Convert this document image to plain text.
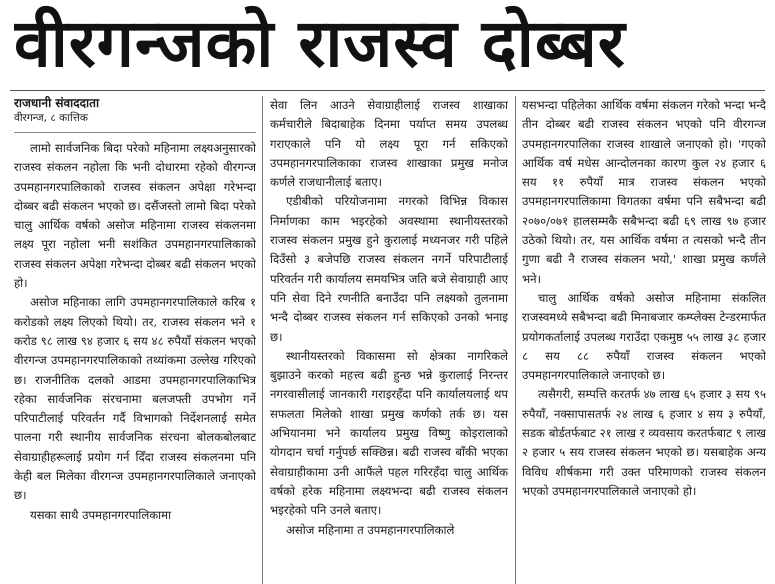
वीरगन्जको राजस्व दोब्बर
राजधानी संवाददाता
वीरगन्ज, ८ कात्तिक

लामो सार्वजनिक बिदा परेको महिनामा लक्ष्यअनुसारको राजस्व संकलन नहोला कि भनी दोधारमा रहेको वीरगन्ज उपमहानगरपालिकाको राजस्व संकलन अपेक्षा गरेभन्दा दोब्बर बढी संकलन भएको छ। दसैंजस्तो लामो बिदा परेको चालु आर्थिक वर्षको असोज महिनामा राजस्व संकलनमा लक्ष्य पूरा नहोला भनी सशंकित उपमहानगरपालिकाको राजस्व संकलन अपेक्षा गरेभन्दा दोब्बर बढी संकलन भएको हो।

असोज महिनाका लागि उपमहानगरपालिकाले करिब १ करोडको लक्ष्य लिएको थियो। तर, राजस्व संकलन भने १ करोड ९८ लाख ९४ हजार ६ सय ४८ रुपैयाँ संकलन भएको वीरगन्ज उपमहानगरपालिकाको तथ्यांकमा उल्लेख गरिएको छ। राजनीतिक दलको आडमा उपमहानगरपालिकाभित्र रहेका सार्वजनिक संरचनामा बलजफ्ती उपभोग गर्ने परिपाटीलाई परिवर्तन गर्दै विभागको निर्देशनलाई समेत पालना गरी स्थानीय सार्वजनिक संरचना बोलकबोलबाट सेवाग्राहीहरूलाई प्रयोग गर्न दिँदा राजस्व संकलनमा पनि केही बल मिलेका वीरगन्ज उपमहानगरपालिकाले जनाएको छ।

यसका साथै उपमहानगरपालिकामा

सेवा लिन आउने सेवाग्राहीलाई राजस्व शाखाका कर्मचारीले बिदाबाहेक दिनमा पर्याप्त समय उपलब्ध गराएकाले पनि यो लक्ष्य पूरा गर्न सकिएको उपमहानगरपालिकाका राजस्व शाखाका प्रमुख मनोज कर्णले राजधानीलाई बताए।

एडीबीको परियोजनामा नगरको विभिन्न विकास निर्माणका काम भइरहेको अवस्थामा स्थानीयस्तरको राजस्व संकलन प्रमुख हुने कुरालाई मध्यनजर गरी पहिले दिउँसो ३ बजेपछि राजस्व संकलन नगर्ने परिपाटीलाई परिवर्तन गरी कार्यालय समयभित्र जति बजे सेवाग्राही आए पनि सेवा दिने रणनीति बनाउँदा पनि लक्ष्यको तुलनामा भन्दै दोब्बर राजस्व संकलन गर्न सकिएको उनको भनाइ छ।

स्थानीयस्तरको विकासमा सो क्षेत्रका नागरिकले बुझाउने करको महत्त्व बढी हुन्छ भन्ने कुरालाई निरन्तर नगरवासीलाई जानकारी गराइरहँदा पनि कार्यालयलाई थप सफलता मिलेको शाखा प्रमुख कर्णको तर्क छ। यस अभियानमा भने कार्यालय प्रमुख विष्णु कोइरालाको योगदान चर्चा गर्नुपर्छ सक्छिन्न। बढी राजस्व बाँकी भएका सेवाग्राहीकामा उनी आफैंले पहल गरिरहँदा चालु आर्थिक वर्षको हरेक महिनामा लक्ष्यभन्दा बढी राजस्व संकलन भइरहेको पनि उनले बताए।

असोज महिनामा त उपमहानगरपालिकाले

यसभन्दा पहिलेका आर्थिक वर्षमा संकलन गरेको भन्दा भन्दै तीन दोब्बर बढी राजस्व संकलन भएको पनि वीरगन्ज उपमहानगरपालिका राजस्व शाखाले जनाएको हो। 'गएको आर्थिक वर्ष मधेस आन्दोलनका कारण कुल २४ हजार ६ सय ११ रुपैयाँ मात्र राजस्व संकलन भएको उपमहानगरपालिकामा विगतका वर्षमा पनि सबैभन्दा बढी २०७०/०७१ हालसम्मकै सबैभन्दा बढी ६९ लाख ९७ हजार उठेको थियो। तर, यस आर्थिक वर्षमा त त्यसको भन्दै तीन गुणा बढी नै राजस्व संकलन भयो,' शाखा प्रमुख कर्णले भने।

चालु आर्थिक वर्षको असोज महिनामा संकलित राजस्वमध्ये सबैभन्दा बढी मिनाबजार कम्प्लेक्स टेन्डरमार्फत प्रयोगकर्तालाई उपलब्ध गराउँदा एकमुष्ठ ५५ लाख ३८ हजार ८ सय ८८ रुपैयाँ राजस्व संकलन भएको उपमहानगरपालिकाले जनाएको छ।

त्यसैगरी, सम्पत्ति करतर्फ ४७ लाख ६५ हजार ३ सय ९५ रुपैयाँ, नक्सापासतर्फ २४ लाख ६ हजार ४ सय ३ रुपैयाँ, सडक बोर्डतर्फबाट २१ लाख र व्यवसाय करतर्फबाट ९ लाख २ हजार ५ सय राजस्व संकलन भएको छ। यसबाहेक अन्य विविध शीर्षकमा गरी उक्त परिमाणको राजस्व संकलन भएको उपमहानगरपालिकाले जनाएको हो।
